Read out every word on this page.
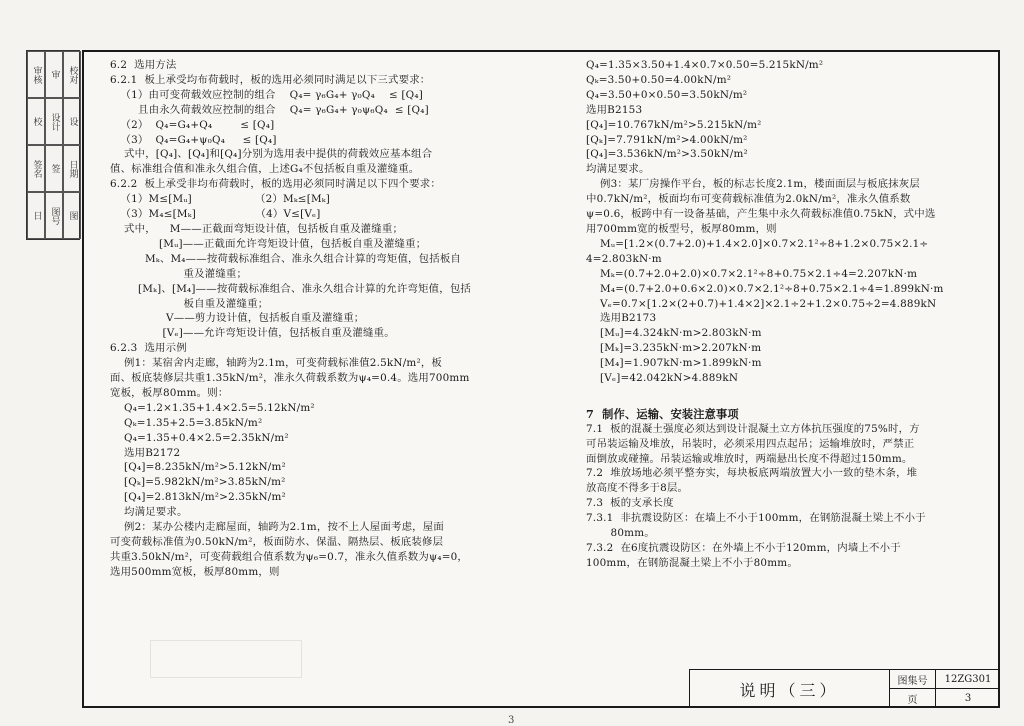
审核 审 校对
校 设计 设
签名 签 日期
日 图号 图
6.2  选用方法
6.2.1  板上承受均布荷载时，板的选用必须同时满足以下三式要求：
（1）由可变荷载效应控制的组合    Q₄= γ₆G₄+ γ₀Q₄    ≤ [Q₄]
且由永久荷载效应控制的组合    Q₄= γ₆G₄+ γ₀ψ₆Q₄  ≤ [Q₄]
（2）  Q₄=G₄+Q₄        ≤ [Q₄]
（3）  Q₄=G₄+ψ₀Q₄     ≤ [Q₄]
式中，[Q₄]、[Q₄]和[Q₄]分别为选用表中提供的荷载效应基本组合
值、标准组合值和准永久组合值，上述G₄不包括板自重及灌缝重。
6.2.2  板上承受非均布荷载时，板的选用必须同时满足以下四个要求：
（1）M≤[Mᵤ]                  （2）Mₖ≤[Mₖ]
（3）M₄≤[Mₖ]                 （4）V≤[Vₑ]
式中，    M——正截面弯矩设计值，包括板自重及灌缝重；
[Mᵤ]——正截面允许弯矩设计值，包括板自重及灌缝重；
Mₖ、M₄——按荷载标准组合、准永久组合计算的弯矩值，包括板自
重及灌缝重；
[Mₖ]、[M₄]——按荷载标准组合、准永久组合计算的允许弯矩值，包括
板自重及灌缝重；
V——剪力设计值，包括板自重及灌缝重；
[Vₑ]——允许弯矩设计值，包括板自重及灌缝重。
6.2.3  选用示例
例1：某宿舍内走廊，轴跨为2.1m，可变荷载标准值2.5kN/m²，板
面、板底装修层共重1.35kN/m²，准永久荷载系数为ψ₄=0.4。选用700mm
宽板，板厚80mm。则：
Q₄=1.2×1.35+1.4×2.5=5.12kN/m²
Qₖ=1.35+2.5=3.85kN/m²
Q₄=1.35+0.4×2.5=2.35kN/m²
选用B2172
[Q₄]=8.235kN/m²>5.12kN/m²
[Qₖ]=5.982kN/m²>3.85kN/m²
[Q₄]=2.813kN/m²>2.35kN/m²
均满足要求。
例2：某办公楼内走廊屋面，轴跨为2.1m，按不上人屋面考虑，屋面
可变荷载标准值为0.50kN/m²，板面防水、保温、隔热层、板底装修层
共重3.50kN/m²，可变荷载组合值系数为ψ₆=0.7，准永久值系数为ψ₄=0，
选用500mm宽板，板厚80mm，则
Q₄=1.35×3.50+1.4×0.7×0.50=5.215kN/m²
Qₖ=3.50+0.50=4.00kN/m²
Q₄=3.50+0×0.50=3.50kN/m²
选用B2153
[Q₄]=10.767kN/m²>5.215kN/m²
[Qₖ]=7.791kN/m²>4.00kN/m²
[Q₄]=3.536kN/m²>3.50kN/m²
均满足要求。
例3：某厂房操作平台，板的标志长度2.1m，楼面面层与板底抹灰层
中0.7kN/m²，板面均布可变荷载标准值为2.0kN/m²，准永久值系数
ψ=0.6，板跨中有一设备基础，产生集中永久荷载标准值0.75kN，式中选
用700mm宽的板型号，板厚80mm，则
Mᵤ=[1.2×(0.7+2.0)+1.4×2.0]×0.7×2.1²÷8+1.2×0.75×2.1÷
4=2.803kN·m
Mₖ=(0.7+2.0+2.0)×0.7×2.1²÷8+0.75×2.1÷4=2.207kN·m
M₄=(0.7+2.0+0.6×2.0)×0.7×2.1²÷8+0.75×2.1÷4=1.899kN·m
Vₑ=0.7×[1.2×(2+0.7)+1.4×2]×2.1÷2+1.2×0.75÷2=4.889kN
选用B2173
[Mᵤ]=4.324kN·m>2.803kN·m
[Mₖ]=3.235kN·m>2.207kN·m
[M₄]=1.907kN·m>1.899kN·m
[Vₑ]=42.042kN>4.889kN

7  制作、运输、安装注意事项
7.1  板的混凝土强度必须达到设计混凝土立方体抗压强度的75%时，方
可吊装运输及堆放，吊装时，必须采用四点起吊；运输堆放时，严禁正
面倒放或碰撞。吊装运输或堆放时，两端悬出长度不得超过150mm。
7.2  堆放场地必须平整夯实，每块板底两端放置大小一致的垫木条，堆
放高度不得多于8层。
7.3  板的支承长度
7.3.1  非抗震设防区：在墙上不小于100mm，在钢筋混凝土梁上不小于
80mm。
7.3.2  在6度抗震设防区：在外墙上不小于120mm，内墙上不小于
100mm，在钢筋混凝土梁上不小于80mm。
说明（三）	图集号	12ZG301
页	3
3
